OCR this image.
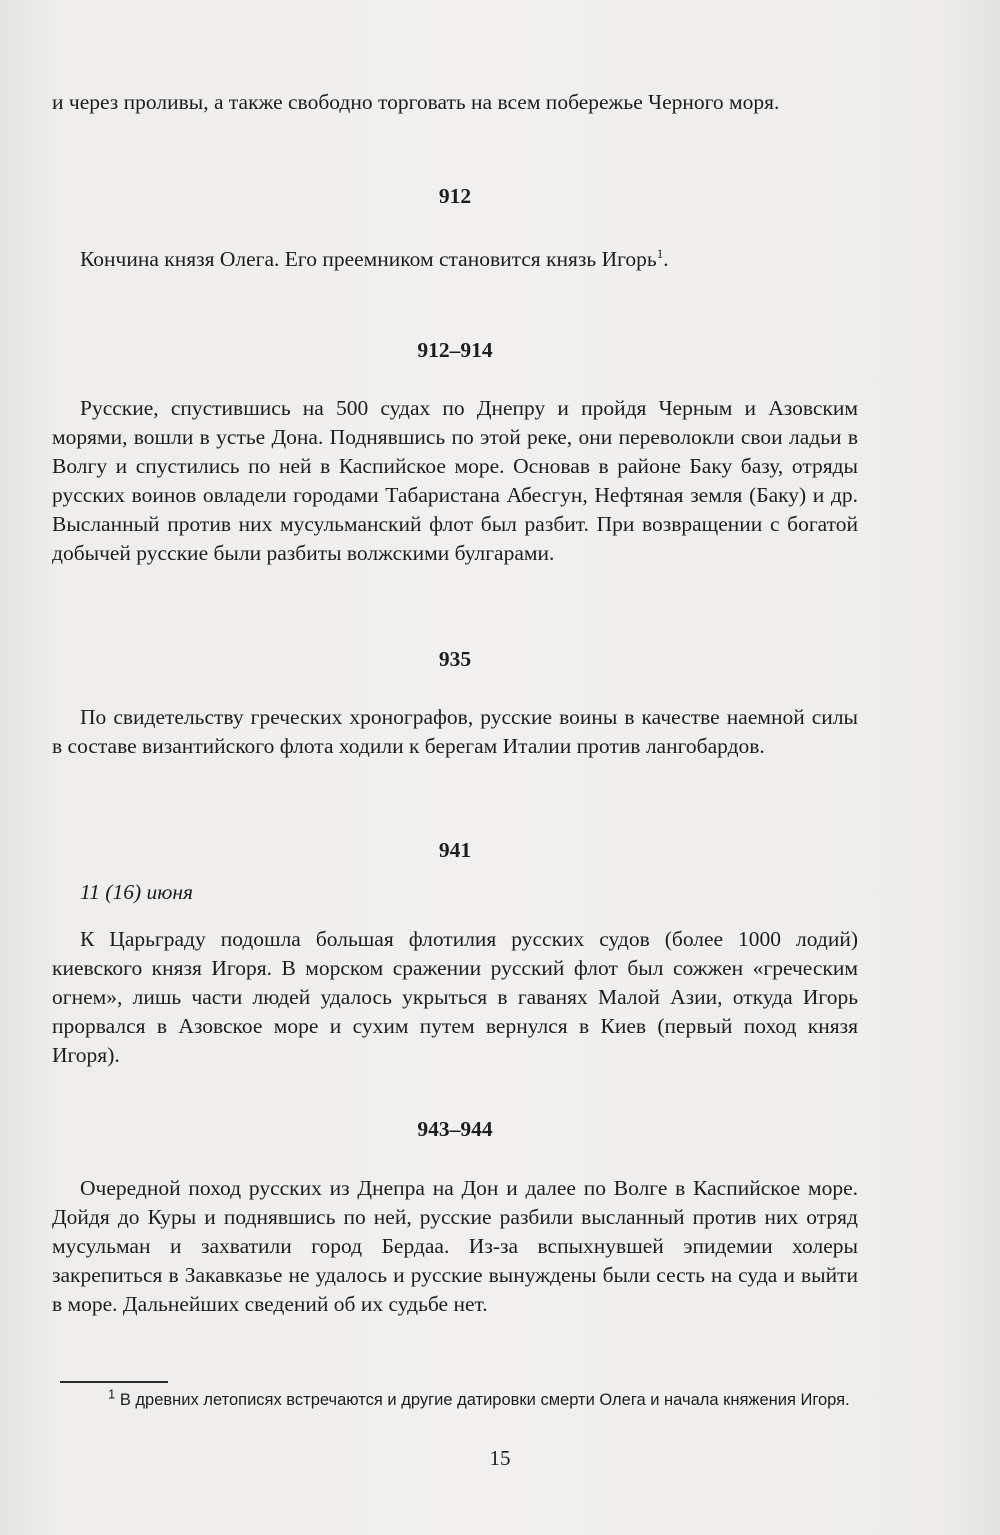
и через проливы, а также свободно торговать на всем побережье Черного моря.

912

Кончина князя Олега. Его преемником становится князь Игорь$^1$.

912–914

Русские, спустившись на 500 судах по Днепру и пройдя Черным и Азовским морями, вошли в устье Дона. Поднявшись по этой реке, они переволокли свои ладьи в Волгу и спустились по ней в Каспийское море. Основав в районе Баку базу, отряды русских воинов овладели городами Табаристана Абесгун, Нефтяная земля (Баку) и др. Высланный против них мусульманский флот был разбит. При возвращении с богатой добычей русские были разбиты волжскими булгарами.

935

По свидетельству греческих хронографов, русские воины в качестве наемной силы в составе византийского флота ходили к берегам Италии против лангобардов.

941

11 (16) июня

К Царьграду подошла большая флотилия русских судов (более 1000 лодий) киевского князя Игоря. В морском сражении русский флот был сожжен «греческим огнем», лишь части людей удалось укрыться в гаванях Малой Азии, откуда Игорь прорвался в Азовское море и сухим путем вернулся в Киев (первый поход князя Игоря).

943–944

Очередной поход русских из Днепра на Дон и далее по Волге в Каспийское море. Дойдя до Куры и поднявшись по ней, русские разбили высланный против них отряд мусульман и захватили город Бердаа. Из-за вспыхнувшей эпидемии холеры закрепиться в Закавказье не удалось и русские вынуждены были сесть на суда и выйти в море. Дальнейших сведений об их судьбе нет.

$^1$ В древних летописях встречаются и другие датировки смерти Олега и начала княжения Игоря.

15
